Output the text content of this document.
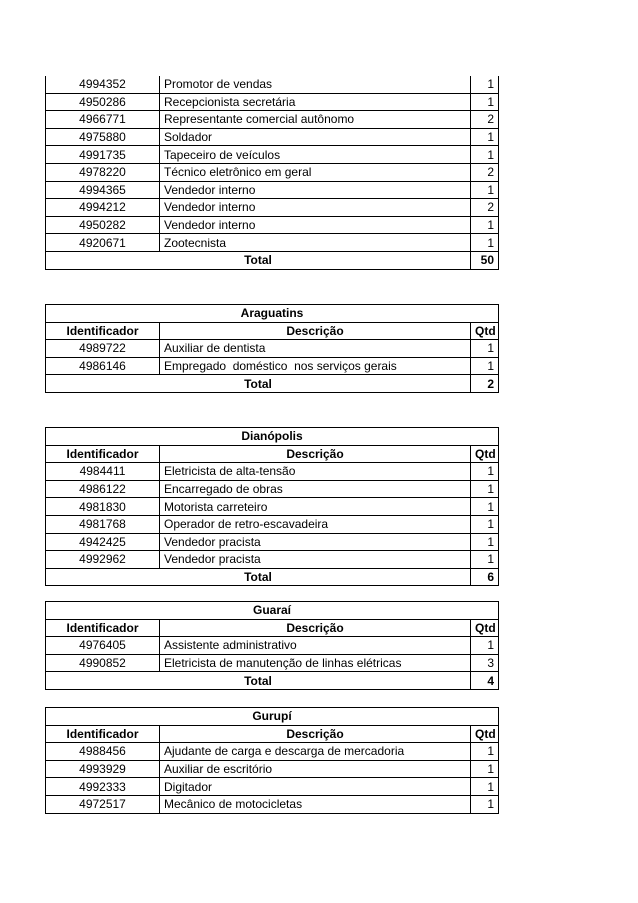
4994352	Promotor de vendas	1
4950286	Recepcionista secretária	1
4966771	Representante comercial autônomo	2
4975880	Soldador	1
4991735	Tapeceiro de veículos	1
4978220	Técnico eletrônico em geral	2
4994365	Vendedor interno	1
4994212	Vendedor interno	2
4950282	Vendedor interno	1
4920671	Zootecnista	1
Total		50
Araguatins		
Identificador	Descrição	Qtd
4989722	Auxiliar de dentista	1
4986146	Empregado  doméstico  nos serviços gerais	1
Total		2
Dianópolis		
Identificador	Descrição	Qtd
4984411	Eletricista de alta-tensão	1
4986122	Encarregado de obras	1
4981830	Motorista carreteiro	1
4981768	Operador de retro-escavadeira	1
4942425	Vendedor pracista	1
4992962	Vendedor pracista	1
Total		6
Guaraí		
Identificador	Descrição	Qtd
4976405	Assistente administrativo	1
4990852	Eletricista de manutenção de linhas elétricas	3
Total		4
Gurupí		
Identificador	Descrição	Qtd
4988456	Ajudante de carga e descarga de mercadoria	1
4993929	Auxiliar de escritório	1
4992333	Digitador	1
4972517	Mecânico de motocicletas	1
